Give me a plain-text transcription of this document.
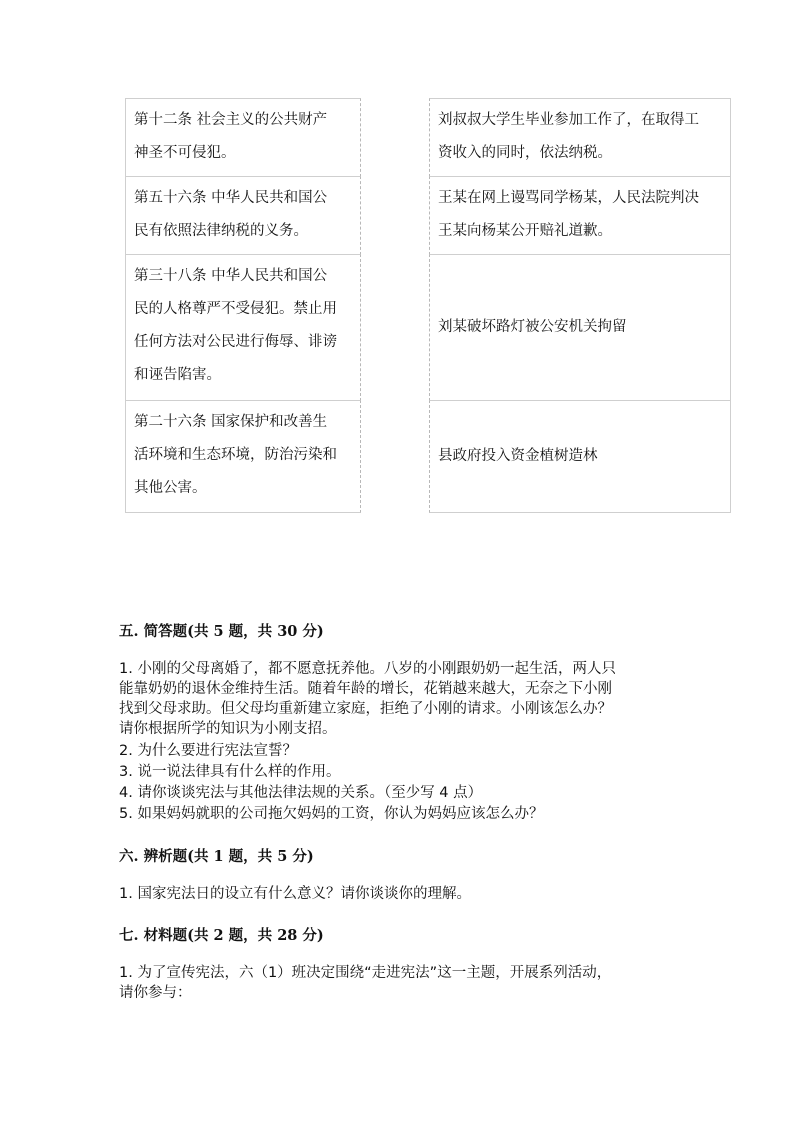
第十二条 社会主义的公共财产
神圣不可侵犯。
第五十六条 中华人民共和国公
民有依照法律纳税的义务。
第三十八条 中华人民共和国公
民的人格尊严不受侵犯。禁止用
任何方法对公民进行侮辱、诽谤
和诬告陷害。
第二十六条 国家保护和改善生
活环境和生态环境，防治污染和
其他公害。
刘叔叔大学生毕业参加工作了，在取得工
资收入的同时，依法纳税。
王某在网上谩骂同学杨某，人民法院判决
王某向杨某公开赔礼道歉。
刘某破坏路灯被公安机关拘留
县政府投入资金植树造林
五. 简答题(共 5 题，共 30 分)
1. 小刚的父母离婚了，都不愿意抚养他。八岁的小刚跟奶奶一起生活，两人只
能靠奶奶的退休金维持生活。随着年龄的增长，花销越来越大，无奈之下小刚
找到父母求助。但父母均重新建立家庭，拒绝了小刚的请求。小刚该怎么办？
请你根据所学的知识为小刚支招。
2. 为什么要进行宪法宣誓？
3. 说一说法律具有什么样的作用。
4. 请你谈谈宪法与其他法律法规的关系。（至少写 4 点）
5. 如果妈妈就职的公司拖欠妈妈的工资，你认为妈妈应该怎么办？
六. 辨析题(共 1 题，共 5 分)
1. 国家宪法日的设立有什么意义？请你谈谈你的理解。
七. 材料题(共 2 题，共 28 分)
1. 为了宣传宪法，六（1）班决定围绕“走进宪法”这一主题，开展系列活动，
请你参与：
